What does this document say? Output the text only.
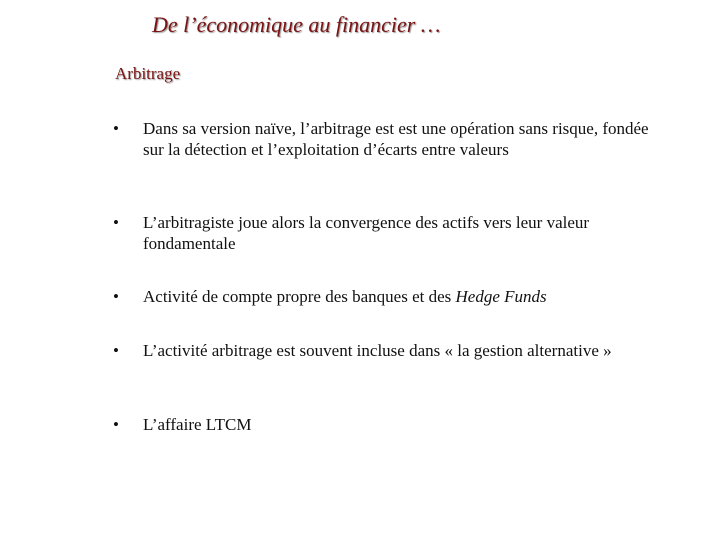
De l’économique au financier …
Arbitrage
•	Dans sa version naïve, l’arbitrage est est une opération sans risque, fondée sur la détection et l’exploitation d’écarts entre valeurs
•	L’arbitragiste joue alors la convergence des actifs vers leur valeur fondamentale
•	Activité de compte propre des banques et des Hedge Funds
•	L’activité arbitrage est souvent incluse dans « la gestion alternative »
•	L’affaire LTCM
